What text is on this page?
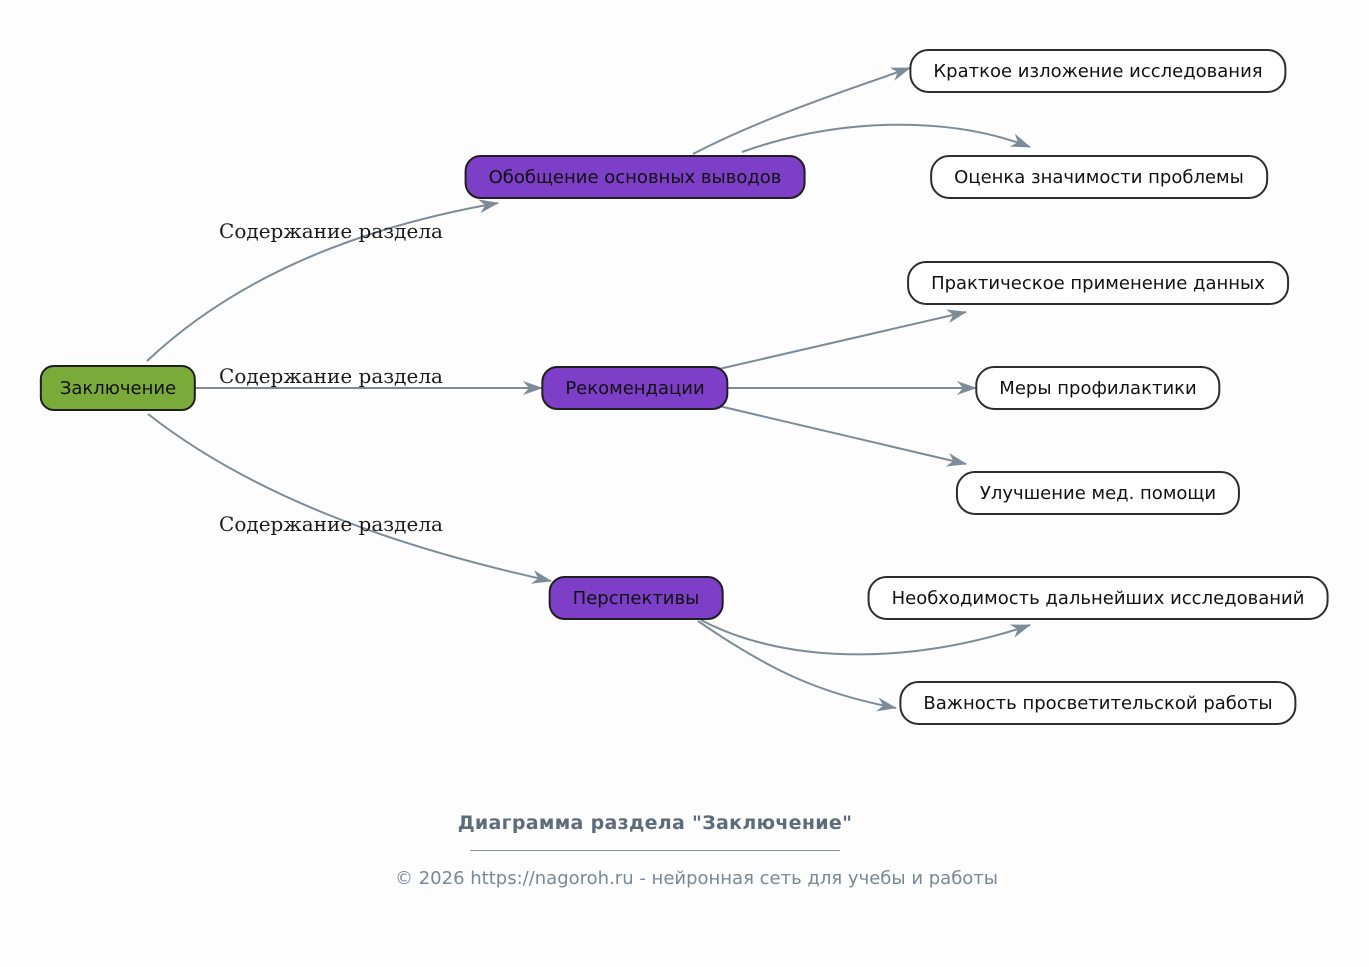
Содержание раздела
Содержание раздела
Содержание раздела
Заключение
Обобщение основных выводов
Рекомендации
Перспективы
Краткое изложение исследования
Оценка значимости проблемы
Практическое применение данных
Меры профилактики
Улучшение мед. помощи
Необходимость дальнейших исследований
Важность просветительской работы
Диаграмма раздела "Заключение"
© 2026 https://nagoroh.ru - нейронная сеть для учебы и работы
